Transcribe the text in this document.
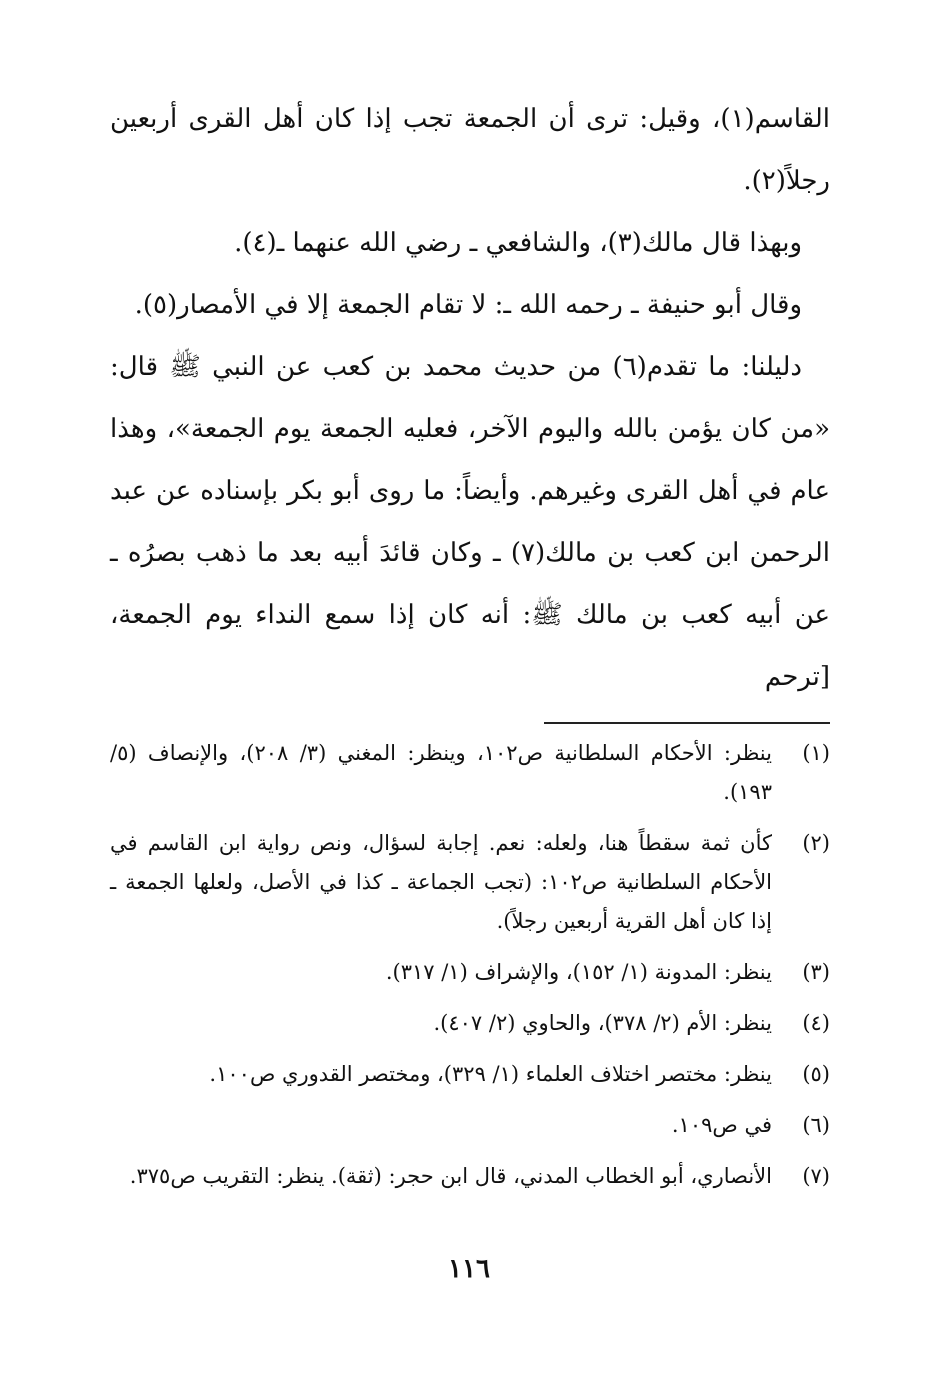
القاسم(١)، وقيل: ترى أن الجمعة تجب إذا كان أهل القرى أربعين رجلاً(٢).

وبهذا قال مالك(٣)، والشافعي ـ رضي الله عنهما ـ(٤).

وقال أبو حنيفة ـ رحمه الله ـ: لا تقام الجمعة إلا في الأمصار(٥).

دليلنا: ما تقدم(٦) من حديث محمد بن كعب عن النبي ﷺ قال: «من كان يؤمن بالله واليوم الآخر، فعليه الجمعة يوم الجمعة»، وهذا عام في أهل القرى وغيرهم. وأيضاً: ما روى أبو بكر بإسناده عن عبد الرحمن ابن كعب بن مالك(٧) ـ وكان قائدَ أبيه بعد ما ذهب بصرُه ـ عن أبيه كعب بن مالك ﷺ: أنه كان إذا سمع النداء يوم الجمعة، [ترحم

(١)
ينظر: الأحكام السلطانية ص١٠٢، وينظر: المغني (٣/ ٢٠٨)، والإنصاف (٥/ ١٩٣).
(٢)
كأن ثمة سقطاً هنا، ولعله: نعم. إجابة لسؤال، ونص رواية ابن القاسم في الأحكام السلطانية ص١٠٢: (تجب الجماعة ـ كذا في الأصل، ولعلها الجمعة ـ إذا كان أهل القرية أربعين رجلاً).
(٣)
ينظر: المدونة (١/ ١٥٢)، والإشراف (١/ ٣١٧).
(٤)
ينظر: الأم (٢/ ٣٧٨)، والحاوي (٢/ ٤٠٧).
(٥)
ينظر: مختصر اختلاف العلماء (١/ ٣٢٩)، ومختصر القدوري ص١٠٠.
(٦)
في ص١٠٩.
(٧)
الأنصاري، أبو الخطاب المدني، قال ابن حجر: (ثقة). ينظر: التقريب ص٣٧٥.
١١٦
